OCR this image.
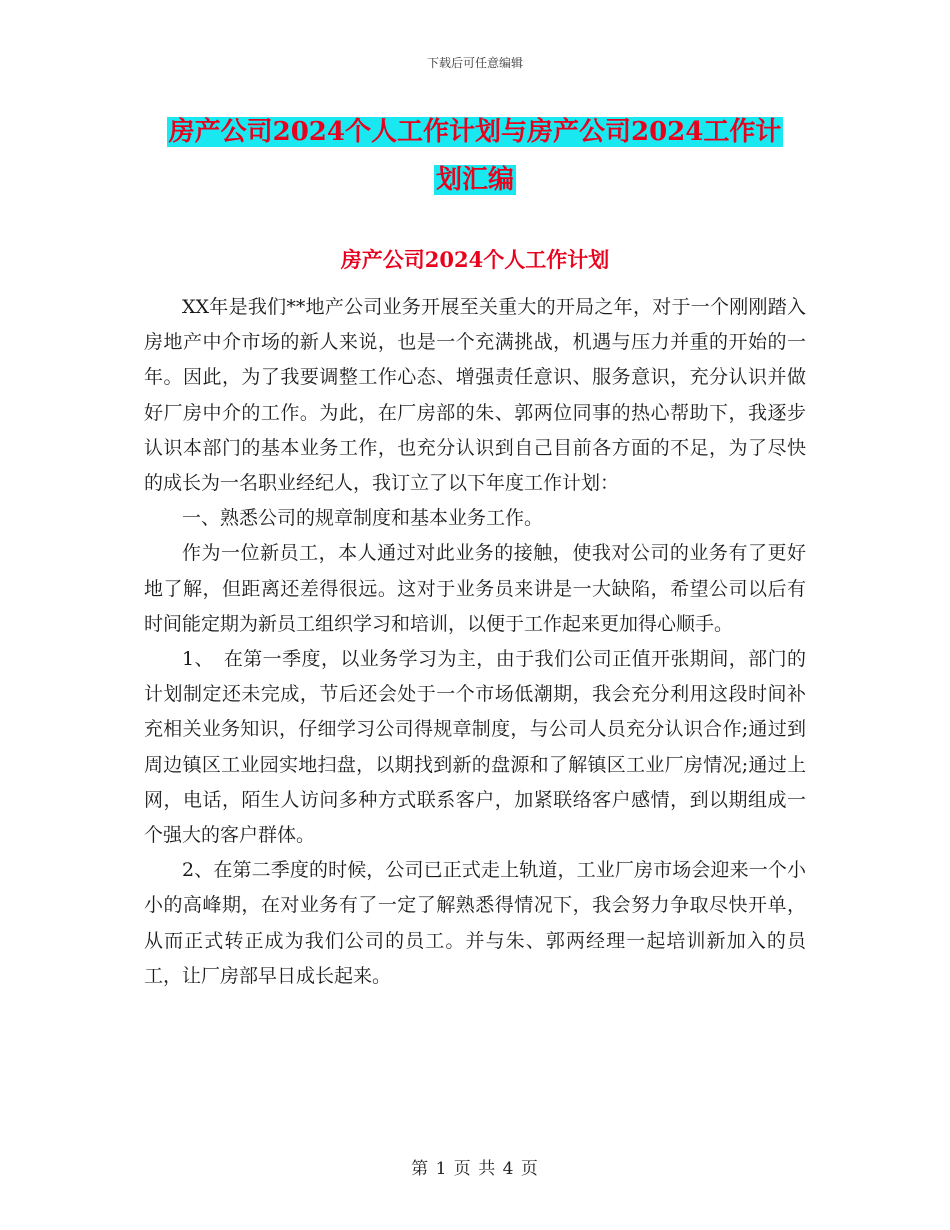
下载后可任意编辑
房产公司2024个人工作计划与房产公司2024工作计
划汇编
房产公司2024个人工作计划

XX年是我们**地产公司业务开展至关重大的开局之年，对于一个刚刚踏入房地产中介市场的新人来说，也是一个充满挑战，机遇与压力并重的开始的一年。因此，为了我要调整工作心态、增强责任意识、服务意识，充分认识并做好厂房中介的工作。为此，在厂房部的朱、郭两位同事的热心帮助下，我逐步认识本部门的基本业务工作，也充分认识到自己目前各方面的不足，为了尽快的成长为一名职业经纪人，我订立了以下年度工作计划：

一、熟悉公司的规章制度和基本业务工作。

作为一位新员工，本人通过对此业务的接触，使我对公司的业务有了更好地了解，但距离还差得很远。这对于业务员来讲是一大缺陷，希望公司以后有时间能定期为新员工组织学习和培训，以便于工作起来更加得心顺手。

1、　在第一季度，以业务学习为主，由于我们公司正值开张期间，部门的计划制定还未完成，节后还会处于一个市场低潮期，我会充分利用这段时间补充相关业务知识，仔细学习公司得规章制度，与公司人员充分认识合作;通过到周边镇区工业园实地扫盘，以期找到新的盘源和了解镇区工业厂房情况;通过上网，电话，陌生人访问多种方式联系客户，加紧联络客户感情，到以期组成一个强大的客户群体。

2、在第二季度的时候，公司已正式走上轨道，工业厂房市场会迎来一个小小的高峰期，在对业务有了一定了解熟悉得情况下，我会努力争取尽快开单，从而正式转正成为我们公司的员工。并与朱、郭两经理一起培训新加入的员工，让厂房部早日成长起来。

第 1 页 共 4 页
